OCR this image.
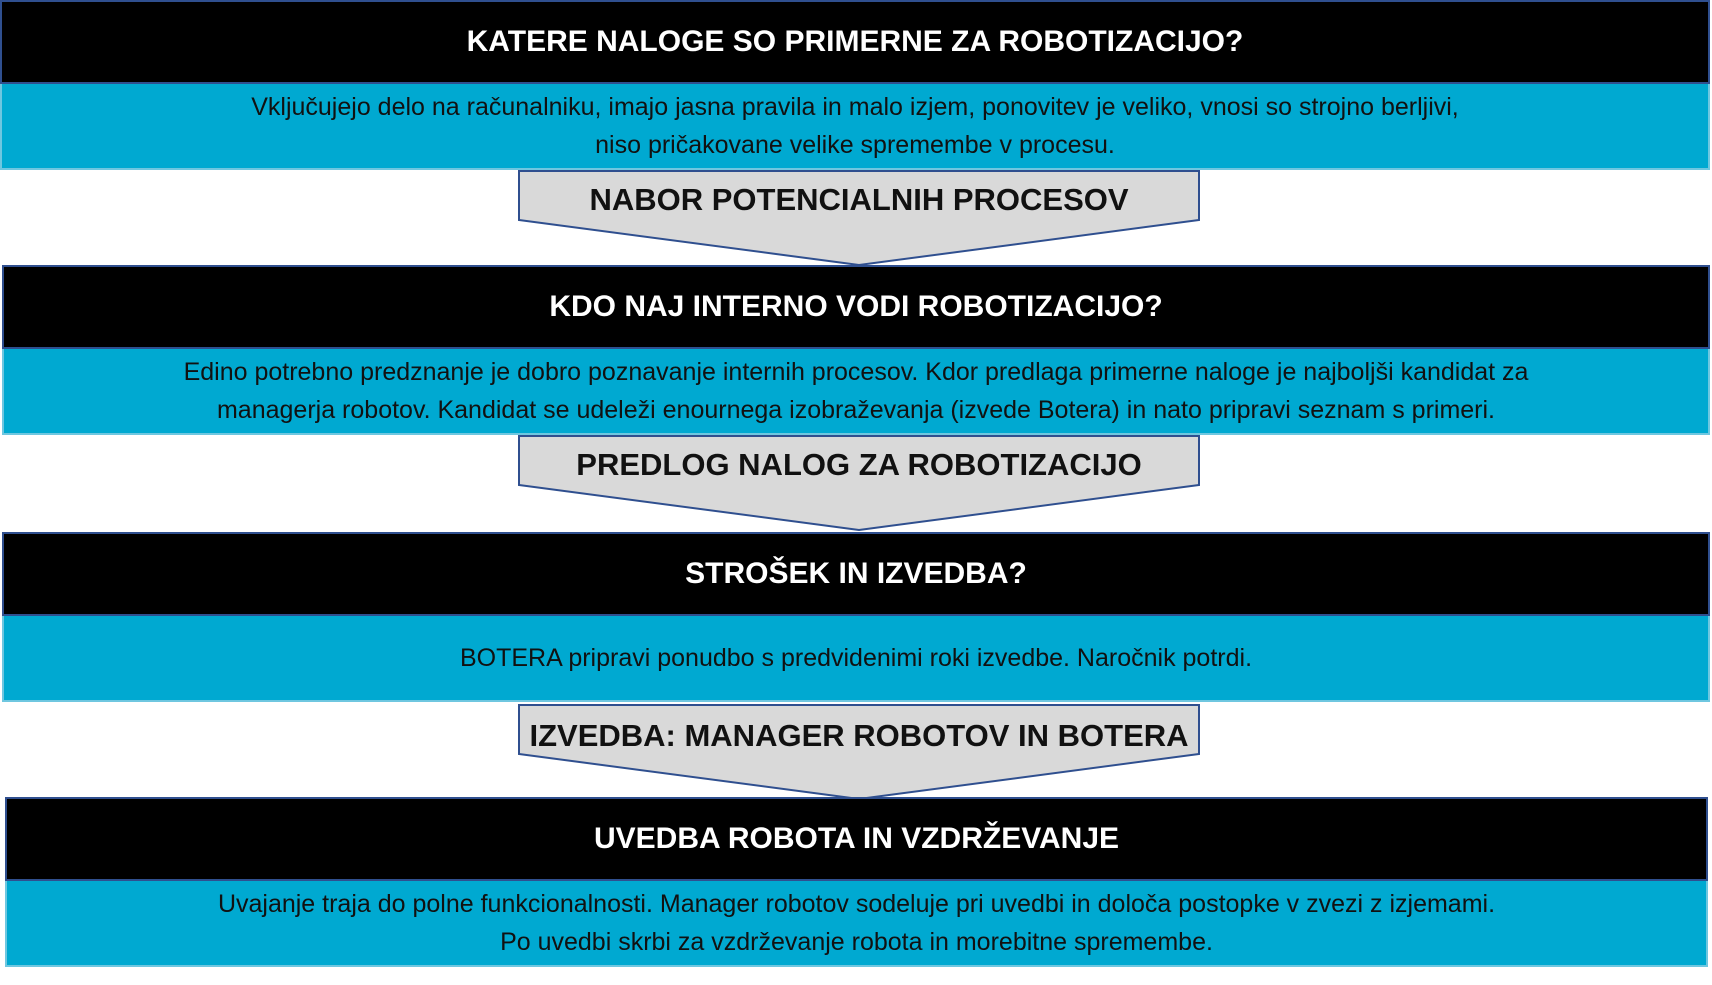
KATERE NALOGE SO PRIMERNE ZA ROBOTIZACIJO?
Vključujejo delo na računalniku, imajo jasna pravila in malo izjem, ponovitev je veliko, vnosi so strojno berljivi,
niso pričakovane velike spremembe v procesu.
NABOR POTENCIALNIH PROCESOV
KDO NAJ INTERNO VODI ROBOTIZACIJO?
Edino potrebno predznanje je dobro poznavanje internih procesov. Kdor predlaga primerne naloge je najboljši kandidat za
managerja robotov. Kandidat se udeleži enournega izobraževanja (izvede Botera) in nato pripravi seznam s primeri.
PREDLOG NALOG ZA ROBOTIZACIJO
STROŠEK IN IZVEDBA?
BOTERA pripravi ponudbo s predvidenimi roki izvedbe. Naročnik potrdi.
IZVEDBA: MANAGER ROBOTOV IN BOTERA
UVEDBA ROBOTA IN VZDRŽEVANJE
Uvajanje traja do polne funkcionalnosti. Manager robotov sodeluje pri uvedbi in določa postopke v zvezi z izjemami.
Po uvedbi skrbi za vzdrževanje robota in morebitne spremembe.
